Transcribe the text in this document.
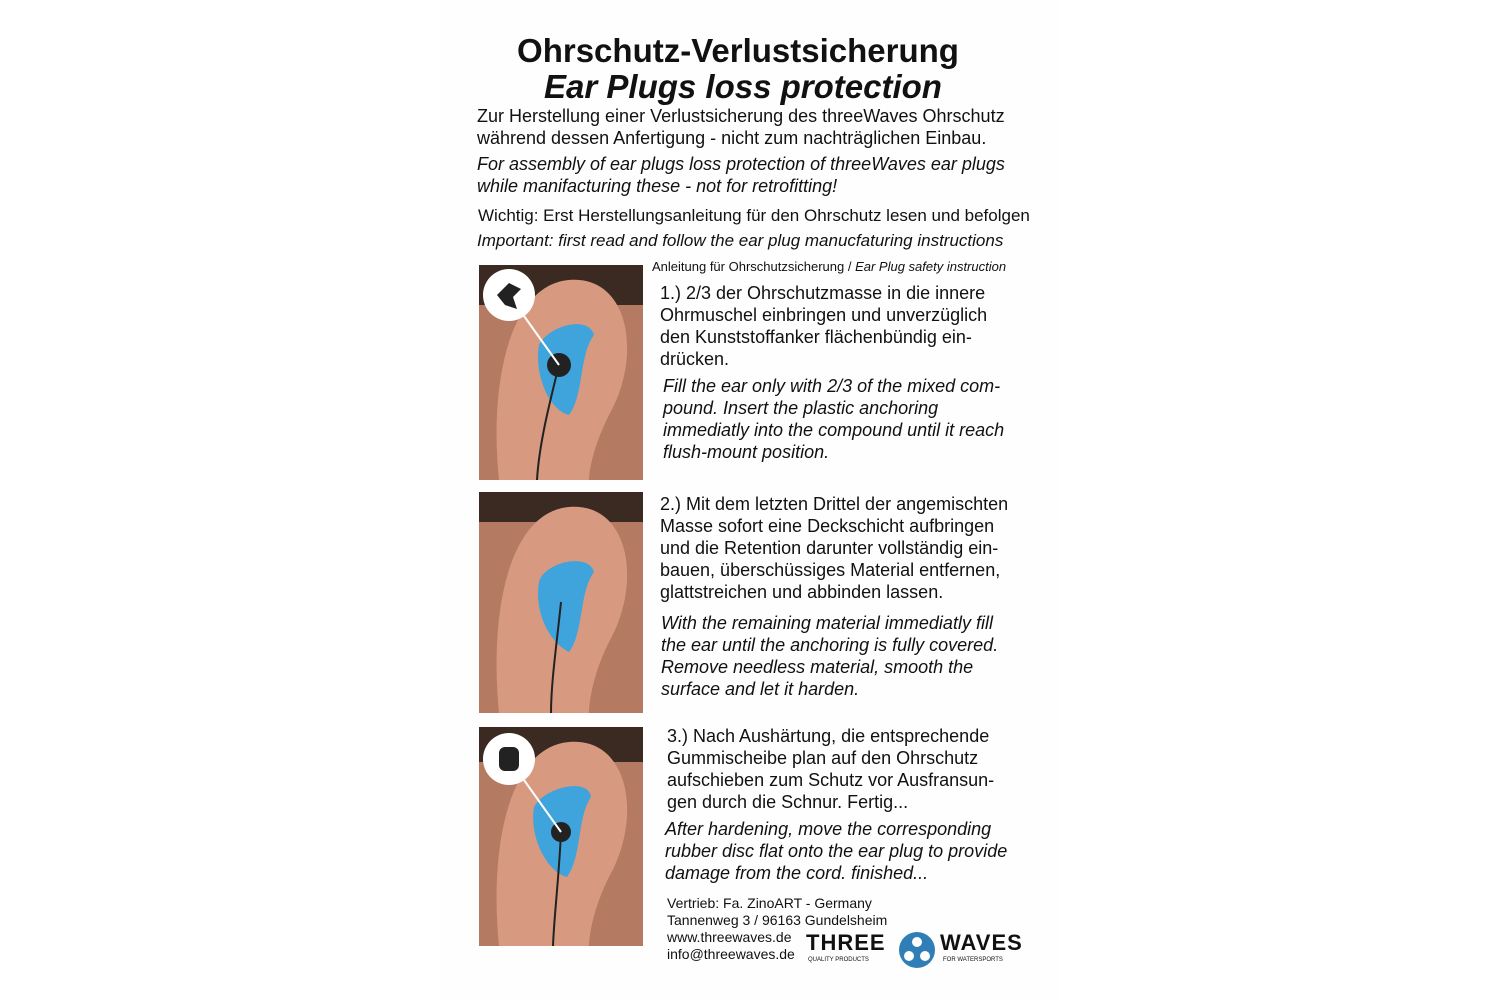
Ohrschutz-Verlustsicherung
Ear Plugs loss protection
Zur Herstellung einer Verlustsicherung des threeWaves Ohrschutz
während dessen Anfertigung - nicht zum nachträglichen Einbau.
For assembly of ear plugs loss protection of threeWaves ear plugs
while manifacturing these - not for retrofitting!
Wichtig: Erst Herstellungsanleitung für den Ohrschutz lesen und befolgen
Important: first read and follow the ear plug manucfaturing instructions
Anleitung für Ohrschutzsicherung / Ear Plug safety instruction
1.) 2/3 der Ohrschutzmasse in die innere
Ohrmuschel einbringen und unverzüglich
den Kunststoffanker flächenbündig ein-
drücken.
Fill the ear only with 2/3 of the mixed com-
pound. Insert the plastic anchoring
immediatly into the compound until it reach
flush-mount position.
2.) Mit dem letzten Drittel der angemischten
Masse sofort eine Deckschicht aufbringen
und die Retention darunter vollständig ein-
bauen, überschüssiges Material entfernen,
glattstreichen und abbinden lassen.
With the remaining material immediatly fill
the ear until the anchoring is fully covered.
Remove needless material, smooth the
surface and let it harden.
3.) Nach Aushärtung, die entsprechende
Gummischeibe plan auf den Ohrschutz
aufschieben zum Schutz vor Ausfransun-
gen durch die Schnur. Fertig...
After hardening, move the corresponding
rubber disc flat onto the ear plug to provide
damage from the cord. finished...
Vertrieb: Fa. ZinoART - Germany
Tannenweg 3 / 96163 Gundelsheim
www.threewaves.de
info@threewaves.de THREE WAVES
QUALITY PRODUCTS	FOR WATERSPORTS
